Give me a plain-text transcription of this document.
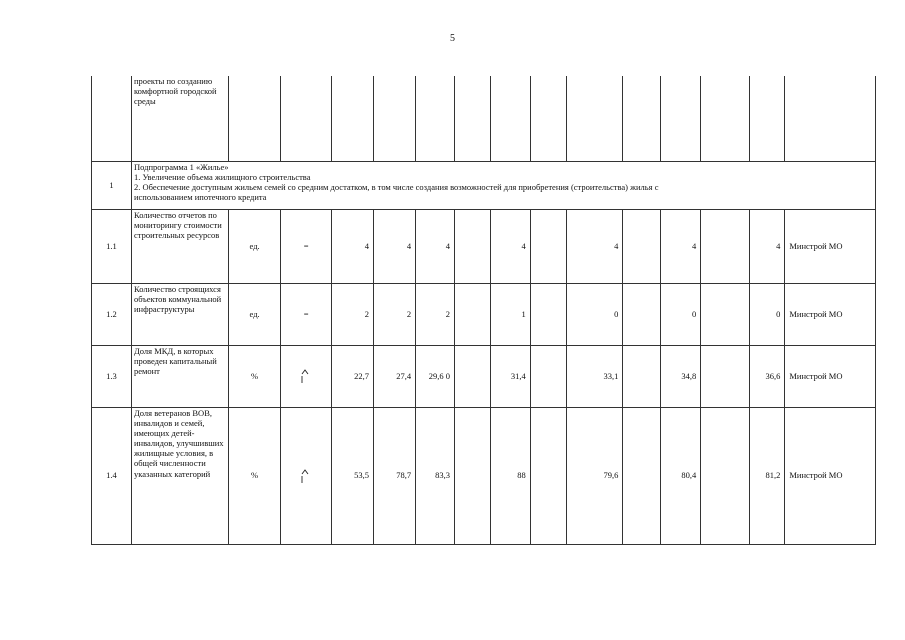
5
	проекты по созданию комфортной городской среды														
1	Подпрограмма 1 «Жилье»
1. Увеличение объема жилищного строительства
2. Обеспечение доступным жильем семей со средним достатком, в том числе создания возможностей для приобретения (строительства) жилья с
использованием ипотечного кредита														

1.1	Количество отчетов по мониторингу стоимости строительных ресурсов	ед.	=	4	4	4		4		4		4		4	Минстрой МО
1.2	Количество строящихся объектов коммунальной инфраструктуры	ед.	=	2	2	2		1		0		0		0	Минстрой МО
1.3	Доля МКД, в которых проведен капитальный ремонт	%		22,7	27,4	29,6 0		31,4		33,1		34,8		36,6	Минстрой МО
1.4	Доля ветеранов ВОВ, инвалидов и семей, имеющих детей-инвалидов, улучшивших жилищные условия, в общей численности указанных категорий	%		53,5	78,7	83,3		88		79,6		80,4		81,2	Минстрой МО
